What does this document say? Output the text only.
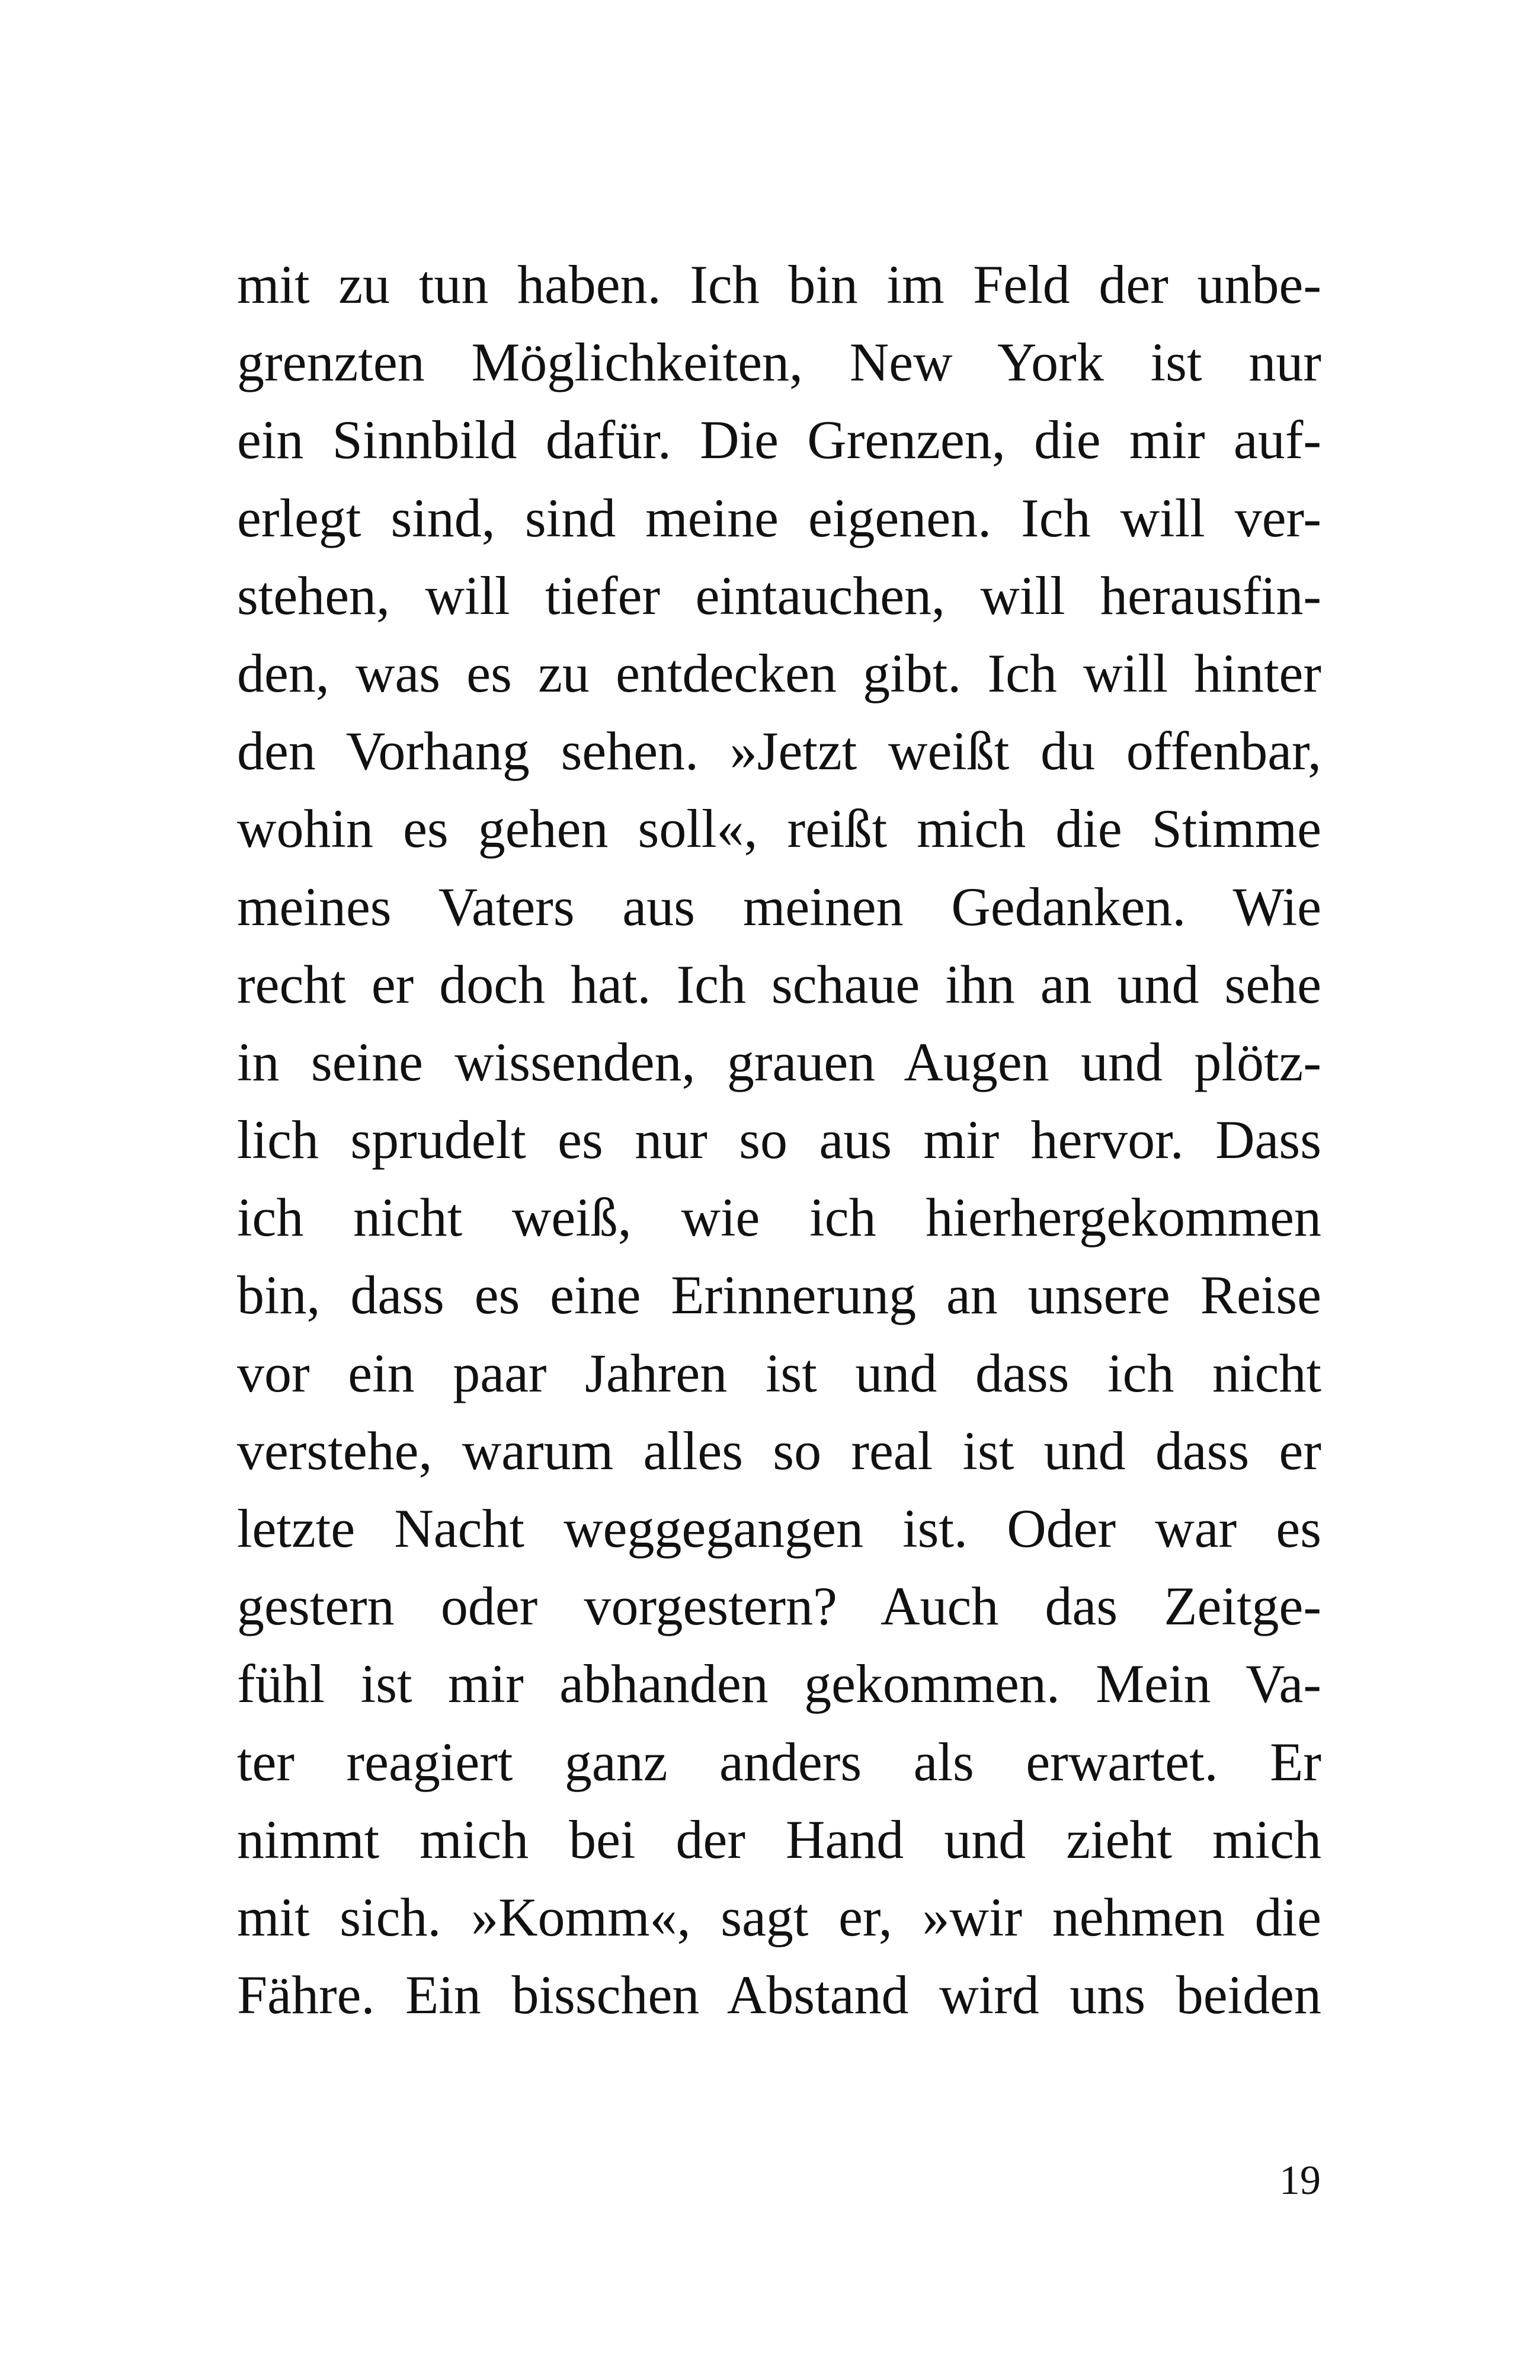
mit zu tun haben. Ich bin im Feld der unbe-
grenzten Möglichkeiten, New York ist nur
ein Sinnbild dafür. Die Grenzen, die mir auf-
erlegt sind, sind meine eigenen. Ich will ver-
stehen, will tiefer eintauchen, will herausfin-
den, was es zu entdecken gibt. Ich will hinter
den Vorhang sehen. »Jetzt weißt du offenbar,
wohin es gehen soll«, reißt mich die Stimme
meines Vaters aus meinen Gedanken. Wie
recht er doch hat. Ich schaue ihn an und sehe
in seine wissenden, grauen Augen und plötz-
lich sprudelt es nur so aus mir hervor. Dass
ich nicht weiß, wie ich hierhergekommen
bin, dass es eine Erinnerung an unsere Reise
vor ein paar Jahren ist und dass ich nicht
verstehe, warum alles so real ist und dass er
letzte Nacht weggegangen ist. Oder war es
gestern oder vorgestern? Auch das Zeitge-
fühl ist mir abhanden gekommen. Mein Va-
ter reagiert ganz anders als erwartet. Er
nimmt mich bei der Hand und zieht mich
mit sich. »Komm«, sagt er, »wir nehmen die
Fähre. Ein bisschen Abstand wird uns beiden
19
